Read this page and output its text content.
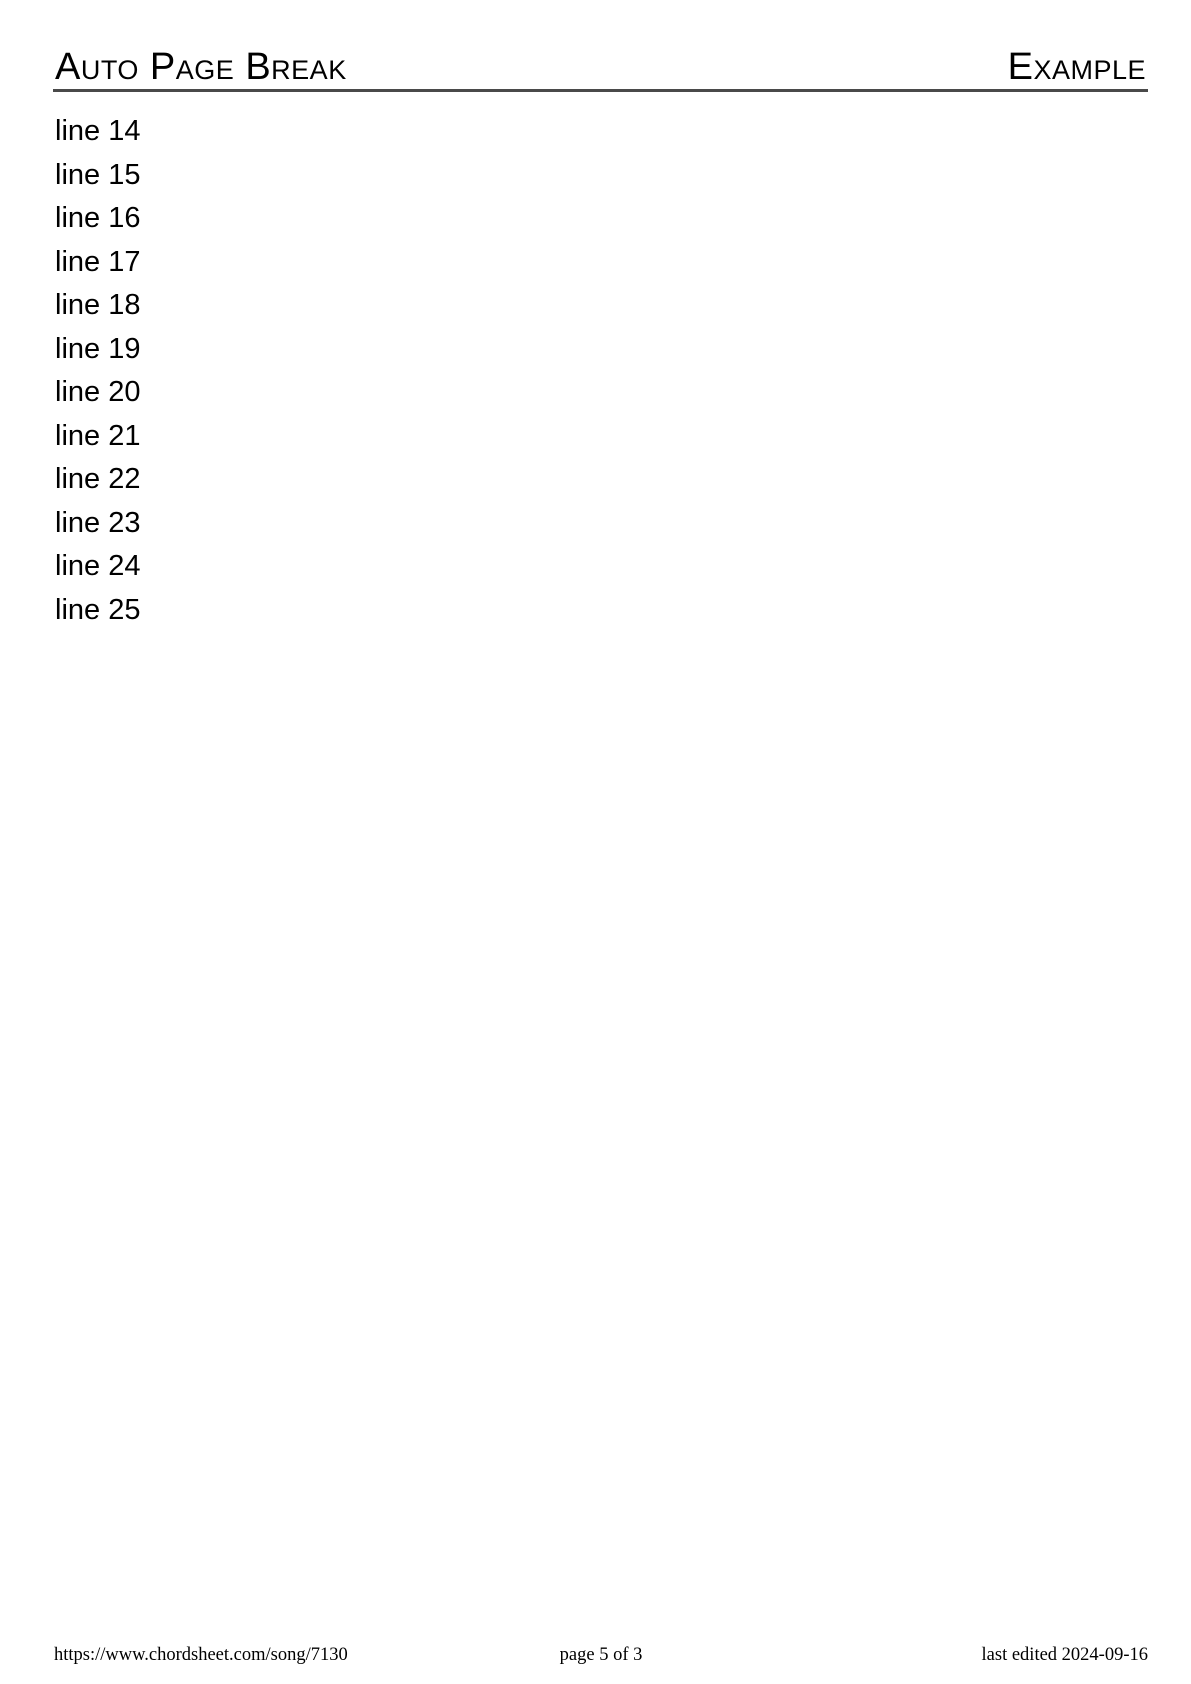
Auto Page Break	Example
line 14
line 15
line 16
line 17
line 18
line 19
line 20
line 21
line 22
line 23
line 24
line 25
https://www.chordsheet.com/song/7130	page 5 of 3	last edited 2024-09-16
